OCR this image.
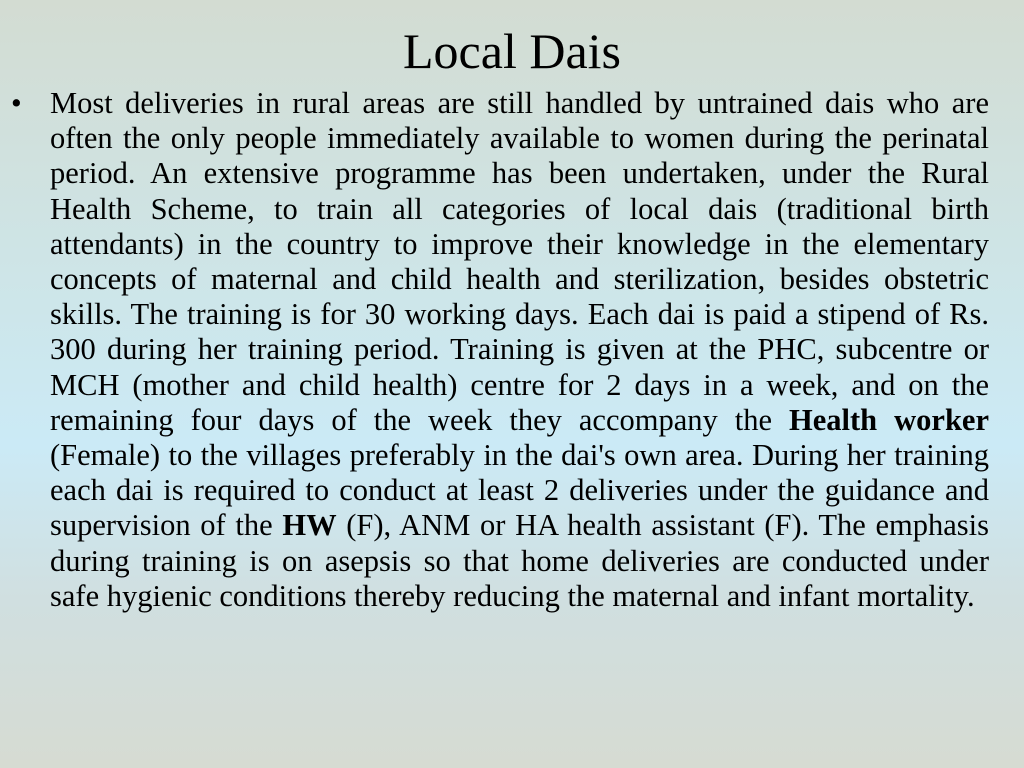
Local Dais
• Most deliveries in rural areas are still handled by untrained dais who are often the only people immediately available to women during the perinatal period. An extensive programme has been undertaken, under the Rural Health Scheme, to train all categories of local dais (traditional birth attendants) in the country to improve their knowledge in the elementary concepts of maternal and child health and sterilization, besides obstetric skills. The training is for 30 working days. Each dai is paid a stipend of Rs. 300 during her training period. Training is given at the PHC, subcentre or MCH (mother and child health) centre for 2 days in a week, and on the remaining four days of the week they accompany the Health worker (Female) to the villages preferably in the dai's own area. During her training each dai is required to conduct at least 2 deliveries under the guidance and supervision of the HW (F), ANM or HA health assistant (F). The emphasis during training is on asepsis so that home deliveries are conducted under safe hygienic conditions thereby reducing the maternal and infant mortality.
